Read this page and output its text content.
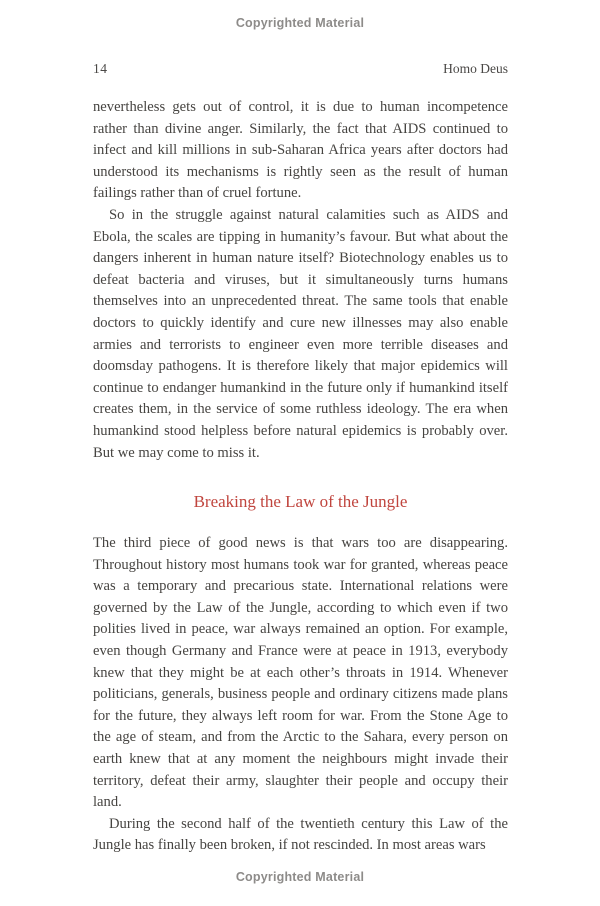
Copyrighted Material
14	Homo Deus

nevertheless gets out of control, it is due to human incompetence rather than divine anger. Similarly, the fact that AIDS continued to infect and kill millions in sub-Saharan Africa years after doctors had understood its mechanisms is rightly seen as the result of human failings rather than of cruel fortune.

So in the struggle against natural calamities such as AIDS and Ebola, the scales are tipping in humanity’s favour. But what about the dangers inherent in human nature itself? Biotechnology enables us to defeat bacteria and viruses, but it simultaneously turns humans themselves into an unprecedented threat. The same tools that enable doctors to quickly identify and cure new illnesses may also enable armies and terrorists to engineer even more terrible diseases and doomsday pathogens. It is therefore likely that major epidemics will continue to endanger humankind in the future only if humankind itself creates them, in the service of some ruthless ideology. The era when humankind stood helpless before natural epidemics is probably over. But we may come to miss it.

Breaking the Law of the Jungle

The third piece of good news is that wars too are disappearing. Throughout history most humans took war for granted, whereas peace was a temporary and precarious state. International relations were governed by the Law of the Jungle, according to which even if two polities lived in peace, war always remained an option. For example, even though Germany and France were at peace in 1913, everybody knew that they might be at each other’s throats in 1914. Whenever politicians, generals, business people and ordinary citizens made plans for the future, they always left room for war. From the Stone Age to the age of steam, and from the Arctic to the Sahara, every person on earth knew that at any moment the neighbours might invade their territory, defeat their army, slaughter their people and occupy their land.

During the second half of the twentieth century this Law of the Jungle has finally been broken, if not rescinded. In most areas wars

Copyrighted Material
